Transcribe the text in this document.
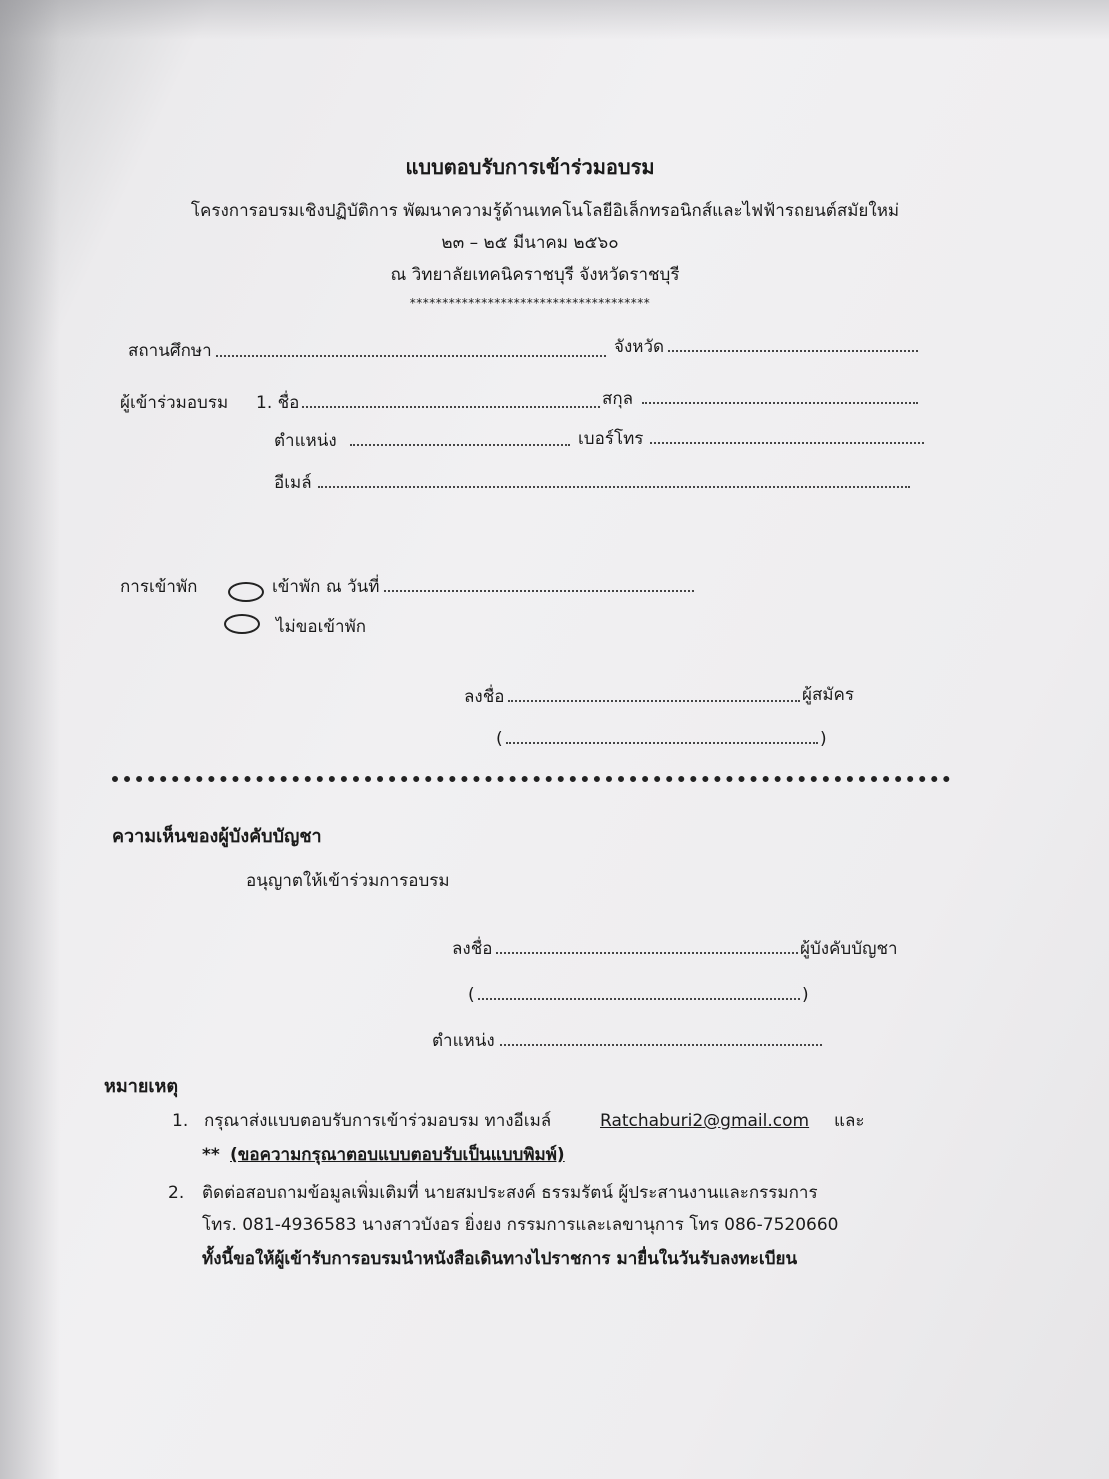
แบบตอบรับการเข้าร่วมอบรม
โครงการอบรมเชิงปฏิบัติการ พัฒนาความรู้ด้านเทคโนโลยีอิเล็กทรอนิกส์และไฟฟ้ารถยนต์สมัยใหม่
๒๓ – ๒๕ มีนาคม ๒๕๖๐
ณ วิทยาลัยเทคนิคราชบุรี จังหวัดราชบุรี
*************************************
สถานศึกษา	จังหวัด
ผู้เข้าร่วมอบรม 1. ชื่อ	สกุล
ตำแหน่ง	เบอร์โทร
อีเมล์
การเข้าพัก	เข้าพัก ณ วันที่
ไม่ขอเข้าพัก
ลงชื่อ	ผู้สมัคร
(	)
ความเห็นของผู้บังคับบัญชา
อนุญาตให้เข้าร่วมการอบรม
ลงชื่อ	ผู้บังคับบัญชา
(	)
ตำแหน่ง
หมายเหตุ
1. กรุณาส่งแบบตอบรับการเข้าร่วมอบรม ทางอีเมล์	Ratchaburi2@gmail.com และ
** (ขอความกรุณาตอบแบบตอบรับเป็นแบบพิมพ์)
2. ติดต่อสอบถามข้อมูลเพิ่มเติมที่ นายสมประสงค์ ธรรมรัตน์ ผู้ประสานงานและกรรมการ
โทร. 081-4936583 นางสาวบังอร ยิ่งยง กรรมการและเลขานุการ โทร 086-7520660
ทั้งนี้ขอให้ผู้เข้ารับการอบรมนำหนังสือเดินทางไปราชการ มายื่นในวันรับลงทะเบียน
